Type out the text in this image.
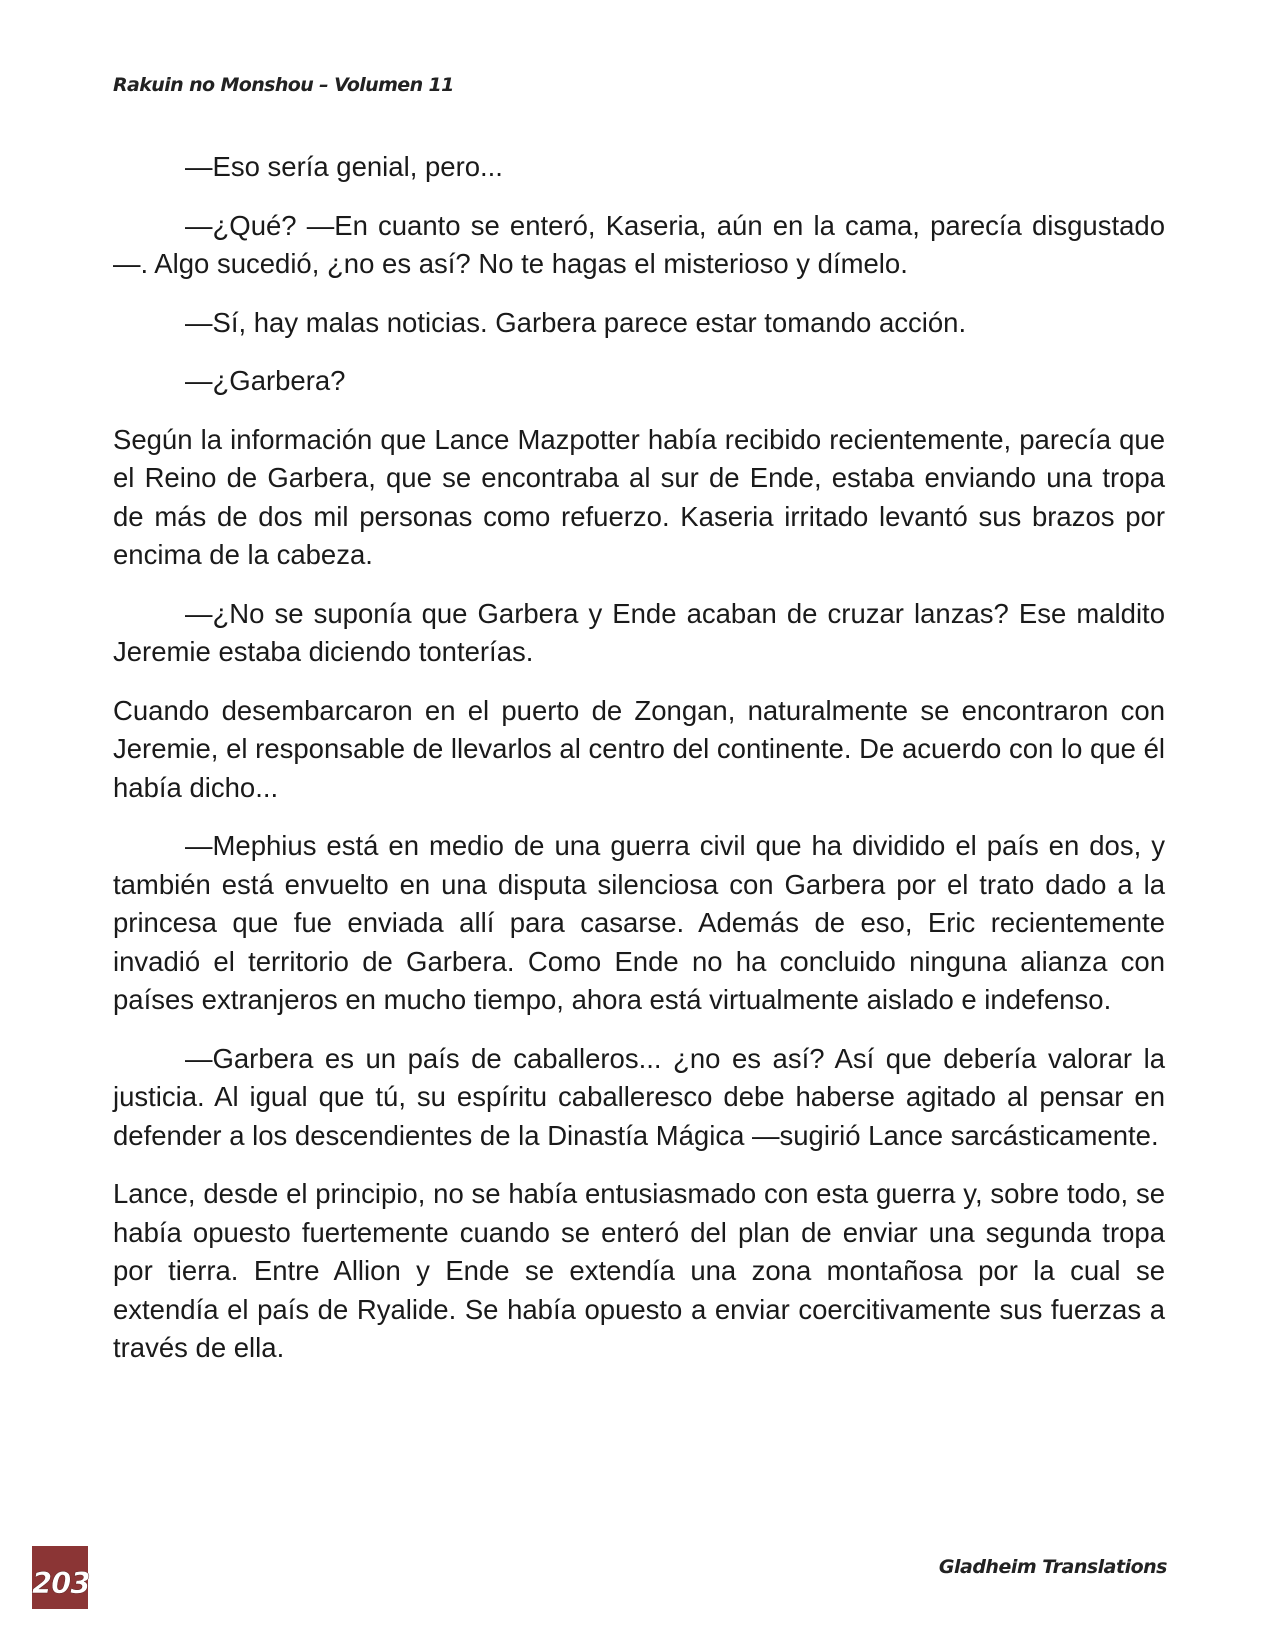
Rakuin no Monshou – Volumen 11

—Eso sería genial, pero...

—¿Qué? —En cuanto se enteró, Kaseria, aún en la cama, parecía disgustado—. Algo sucedió, ¿no es así? No te hagas el misterioso y dímelo.

—Sí, hay malas noticias. Garbera parece estar tomando acción.

—¿Garbera?

Según la información que Lance Mazpotter había recibido recientemente, parecía que el Reino de Garbera, que se encontraba al sur de Ende, estaba enviando una tropa de más de dos mil personas como refuerzo. Kaseria irritado levantó sus brazos por encima de la cabeza.

—¿No se suponía que Garbera y Ende acaban de cruzar lanzas? Ese maldito Jeremie estaba diciendo tonterías.

Cuando desembarcaron en el puerto de Zongan, naturalmente se encontraron con Jeremie, el responsable de llevarlos al centro del continente. De acuerdo con lo que él había dicho...

—Mephius está en medio de una guerra civil que ha dividido el país en dos, y también está envuelto en una disputa silenciosa con Garbera por el trato dado a la princesa que fue enviada allí para casarse. Además de eso, Eric recientemente invadió el territorio de Garbera. Como Ende no ha concluido ninguna alianza con países extranjeros en mucho tiempo, ahora está virtualmente aislado e indefenso.

—Garbera es un país de caballeros... ¿no es así? Así que debería valorar la justicia. Al igual que tú, su espíritu caballeresco debe haberse agitado al pensar en defender a los descendientes de la Dinastía Mágica —sugirió Lance sarcásticamente.

Lance, desde el principio, no se había entusiasmado con esta guerra y, sobre todo, se había opuesto fuertemente cuando se enteró del plan de enviar una segunda tropa por tierra. Entre Allion y Ende se extendía una zona montañosa por la cual se extendía el país de Ryalide. Se había opuesto a enviar coercitivamente sus fuerzas a través de ella.

203	Gladheim Translations
